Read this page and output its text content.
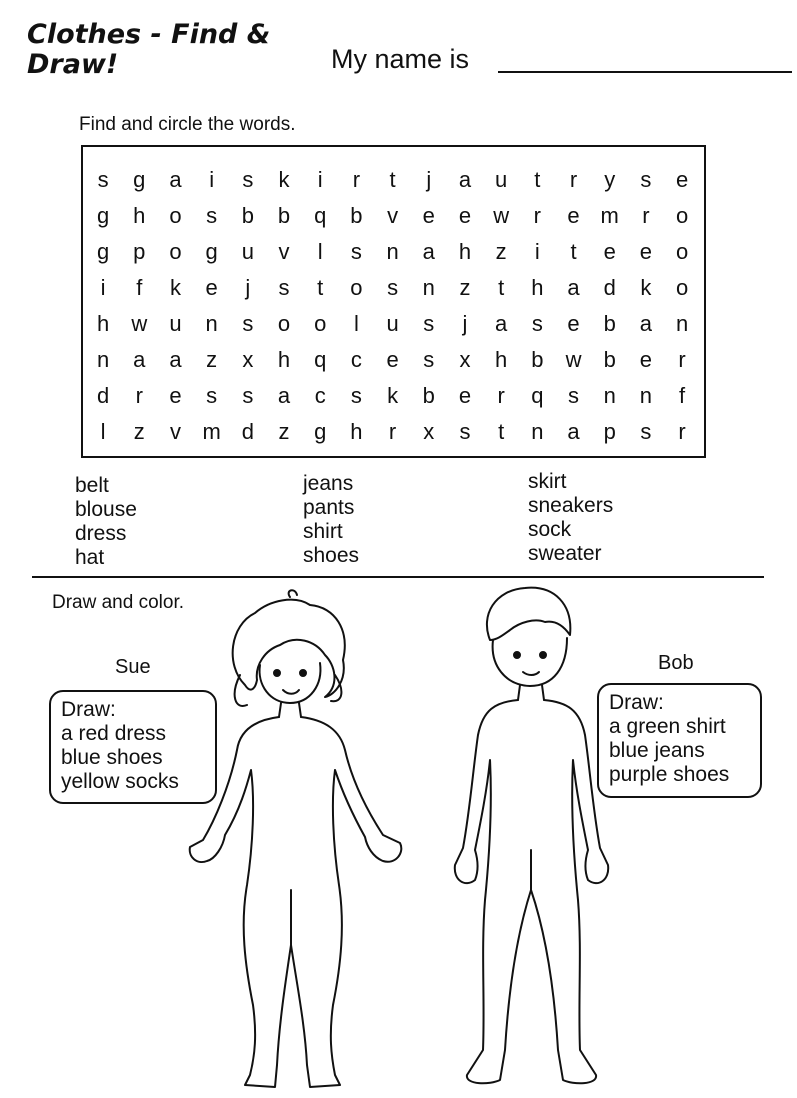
Clothes - Find & Draw!	My name is
Find and circle the words.
s	g	a	i	s	k	i	r	t	j	a	u	t	r	y	s	e
g	h	o	s	b	b	q	b	v	e	e	w	r	e m	r	o
g	p	o	g	u	v	l	s	n	a	h	z	i	t	e	e	o
i	f	k	e	j	s	t	o	s	n	z	t	h	a	d	k	o
h	w	u	n	s	o	o	l	u	s	j	a	s	e	b	a	n
n	a	a	z	x	h	q	c	e	s	x	h	b	w	b	e	r
d	r	e	s	s	a	c	s	k	b	e	r	q	s	n	n	f
l	z	v m d	z	g	h	r	x	s	t	n	a	p	s	r
belt
blouse
dress
hat
jeans
pants
shirt
shoes
skirt
sneakers
sock
sweater
Draw and color.
Sue
Draw:
a red dress
blue shoes
yellow socks
Bob
Draw:
a green shirt
blue jeans
purple shoes
